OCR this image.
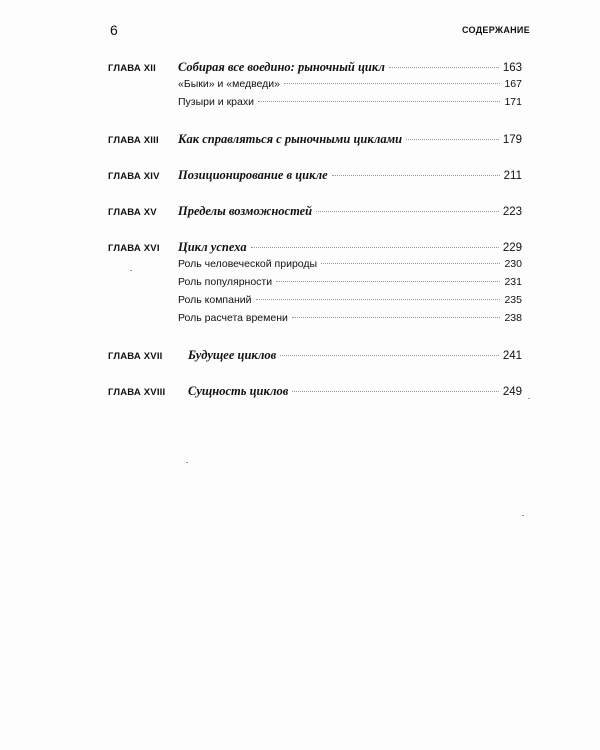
6	СОДЕРЖАНИЕ
ГЛАВА XII	Собирая все воедино: рыночный цикл	163
«Быки» и «медведи»	167
Пузыри и крахи	171
ГЛАВА XIII	Как справляться с рыночными циклами	179
ГЛАВА XIV	Позиционирование в цикле	211
ГЛАВА XV	Пределы возможностей	223
ГЛАВА XVI	Цикл успеха	229
Роль человеческой природы	230
Роль популярности	231
Роль компаний	235
Роль расчета времени	238
ГЛАВА XVII	Будущее циклов	241
ГЛАВА XVIII	Сущность циклов	249
